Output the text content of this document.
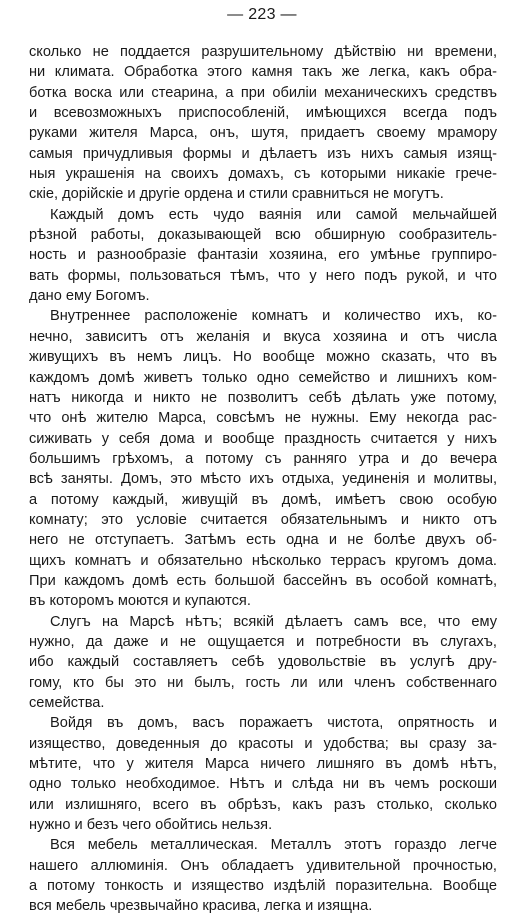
— 223 —
сколько не поддается разрушительному дѣйствiю ни времени,
ни климата. Обработка этого камня такъ же легка, какъ обра-
ботка воска или стеарина, а при обилiи механическихъ средствъ
и всевозможныхъ приспособленiй, имѣющихся всегда подъ
руками жителя Марса, онъ, шутя, придаетъ своему мрамору
самыя причудливыя формы и дѣлаетъ изъ нихъ самыя изящ-
ныя украшенiя на своихъ домахъ, съ которыми никакiе грече-
скiе, дорiйскiе и другiе ордена и стили сравниться не могутъ.
Каждый домъ есть чудо ваянiя или самой мельчайшей
рѣзной работы, доказывающей всю обширную сообразитель-
ность и разнообразiе фантазiи хозяина, его умѣнье группиро-
вать формы, пользоваться тѣмъ, что у него подъ рукой, и что
дано ему Богомъ.
Внутреннее расположенiе комнатъ и количество ихъ, ко-
нечно, зависитъ отъ желанiя и вкуса хозяина и отъ числа
живущихъ въ немъ лицъ. Но вообще можно сказать, что въ
каждомъ домѣ живетъ только одно семейство и лишнихъ ком-
натъ никогда и никто не позволитъ себѣ дѣлать уже потому,
что онѣ жителю Марса, совсѣмъ не нужны. Ему некогда рас-
сиживать у себя дома и вообще праздность считается у нихъ
большимъ грѣхомъ, а потому съ ранняго утра и до вечера
всѣ заняты. Домъ, это мѣсто ихъ отдыха, уединенiя и молитвы,
а потому каждый, живущiй въ домѣ, имѣетъ свою особую
комнату; это условiе считается обязательнымъ и никто отъ
него не отступаетъ. Затѣмъ есть одна и не болѣе двухъ об-
щихъ комнатъ и обязательно нѣсколько террасъ кругомъ дома.
При каждомъ домѣ есть большой бассейнъ въ особой комнатѣ,
въ которомъ моются и купаются.
Слугъ на Марсѣ нѣтъ; всякiй дѣлаетъ самъ все, что ему
нужно, да даже и не ощущается и потребности въ слугахъ,
ибо каждый составляетъ себѣ удовольствiе въ услугѣ дру-
гому, кто бы это ни былъ, гость ли или членъ собственнаго
семейства.
Войдя въ домъ, васъ поражаетъ чистота, опрятность и
изящество, доведенныя до красоты и удобства; вы сразу за-
мѣтите, что у жителя Марса ничего лишняго въ домѣ нѣтъ,
одно только необходимое. Нѣтъ и слѣда ни въ чемъ роскоши
или излишняго, всего въ обрѣзъ, какъ разъ столько, сколько
нужно и безъ чего обойтись нельзя.
Вся мебель металлическая. Металлъ этотъ гораздо легче
нашего аллюминiя. Онъ обладаетъ удивительной прочностью,
а потому тонкость и изящество издѣлiй поразительна. Вообще
вся мебель чрезвычайно красива, легка и изящна.
